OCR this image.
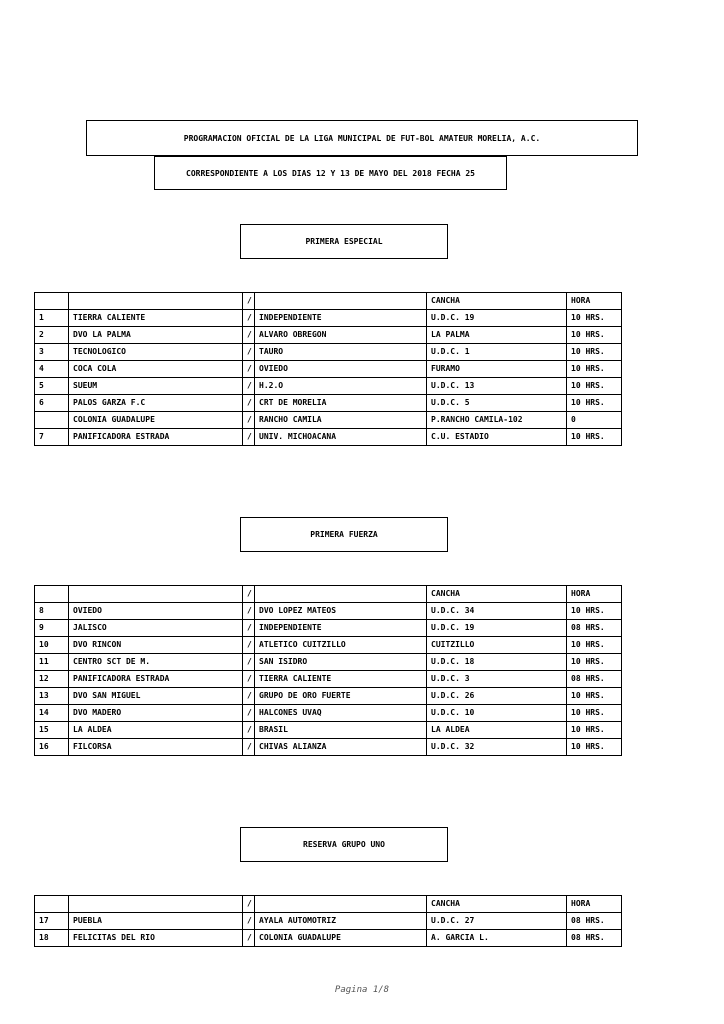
PROGRAMACION OFICIAL DE LA LIGA MUNICIPAL DE FUT-BOL AMATEUR MORELIA, A.C.
CORRESPONDIENTE A LOS DIAS 12 Y 13 DE MAYO DEL 2018 FECHA 25
PRIMERA ESPECIAL
		/		CANCHA	HORA
1	TIERRA CALIENTE	/	INDEPENDIENTE	U.D.C. 19	10 HRS.
2	DVO LA PALMA	/	ALVARO OBREGON	LA PALMA	10 HRS.
3	TECNOLOGICO	/	TAURO	U.D.C. 1	10 HRS.
4	COCA COLA	/	OVIEDO	FURAMO	10 HRS.
5	SUEUM	/	H.2.O	U.D.C. 13	10 HRS.
6	PALOS GARZA F.C	/	CRT DE MORELIA	U.D.C. 5	10 HRS.
	COLONIA GUADALUPE	/	RANCHO CAMILA	P.RANCHO CAMILA-102	0
7	PANIFICADORA ESTRADA	/	UNIV. MICHOACANA	C.U. ESTADIO	10 HRS.
PRIMERA FUERZA
		/		CANCHA	HORA
8	OVIEDO	/	DVO LOPEZ MATEOS	U.D.C. 34	10 HRS.
9	JALISCO	/	INDEPENDIENTE	U.D.C. 19	08 HRS.
10	DVO RINCON	/	ATLETICO CUITZILLO	CUITZILLO	10 HRS.
11	CENTRO SCT DE M.	/	SAN ISIDRO	U.D.C. 18	10 HRS.
12	PANIFICADORA ESTRADA	/	TIERRA CALIENTE	U.D.C. 3	08 HRS.
13	DVO SAN MIGUEL	/	GRUPO DE ORO FUERTE	U.D.C. 26	10 HRS.
14	DVO MADERO	/	HALCONES UVAQ	U.D.C. 10	10 HRS.
15	LA ALDEA	/	BRASIL	LA ALDEA	10 HRS.
16	FILCORSA	/	CHIVAS ALIANZA	U.D.C. 32	10 HRS.
RESERVA GRUPO UNO
		/		CANCHA	HORA
17	PUEBLA	/	AYALA AUTOMOTRIZ	U.D.C. 27	08 HRS.
18	FELICITAS DEL RIO	/	COLONIA GUADALUPE	A. GARCIA L.	08 HRS.
Pagina 1/8
